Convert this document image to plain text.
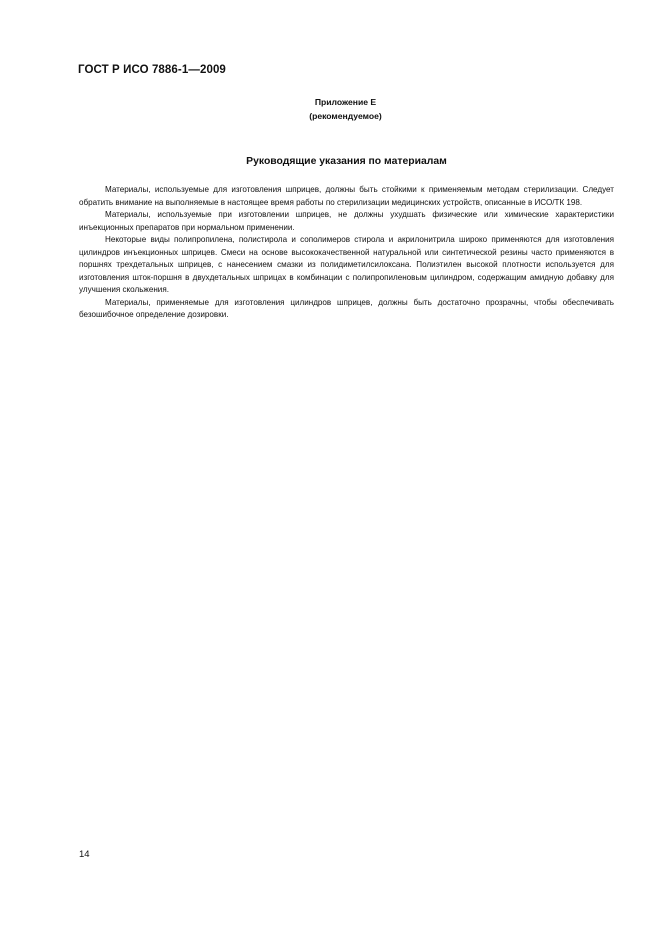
ГОСТ Р ИСО 7886-1—2009
Приложение Е
(рекомендуемое)
Руководящие указания по материалам

Материалы, используемые для изготовления шприцев, должны быть стойкими к применяемым методам стерилизации. Следует обратить внимание на выполняемые в настоящее время работы по стерилизации медицинских устройств, описанные в ИСО/ТК 198.

Материалы, используемые при изготовлении шприцев, не должны ухудшать физические или химические характеристики инъекционных препаратов при нормальном применении.

Некоторые виды полипропилена, полистирола и сополимеров стирола и акрилонитрила широко применяются для изготовления цилиндров инъекционных шприцев. Смеси на основе высококачественной натуральной или синтетической резины часто применяются в поршнях трехдетальных шприцев, с нанесением смазки из полидиметилсилоксана. Полиэтилен высокой плотности используется для изготовления шток-поршня в двухдетальных шприцах в комбинации с полипропиленовым цилиндром, содержащим амидную добавку для улучшения скольжения.

Материалы, применяемые для изготовления цилиндров шприцев, должны быть достаточно прозрачны, чтобы обеспечивать безошибочное определение дозировки.

14
